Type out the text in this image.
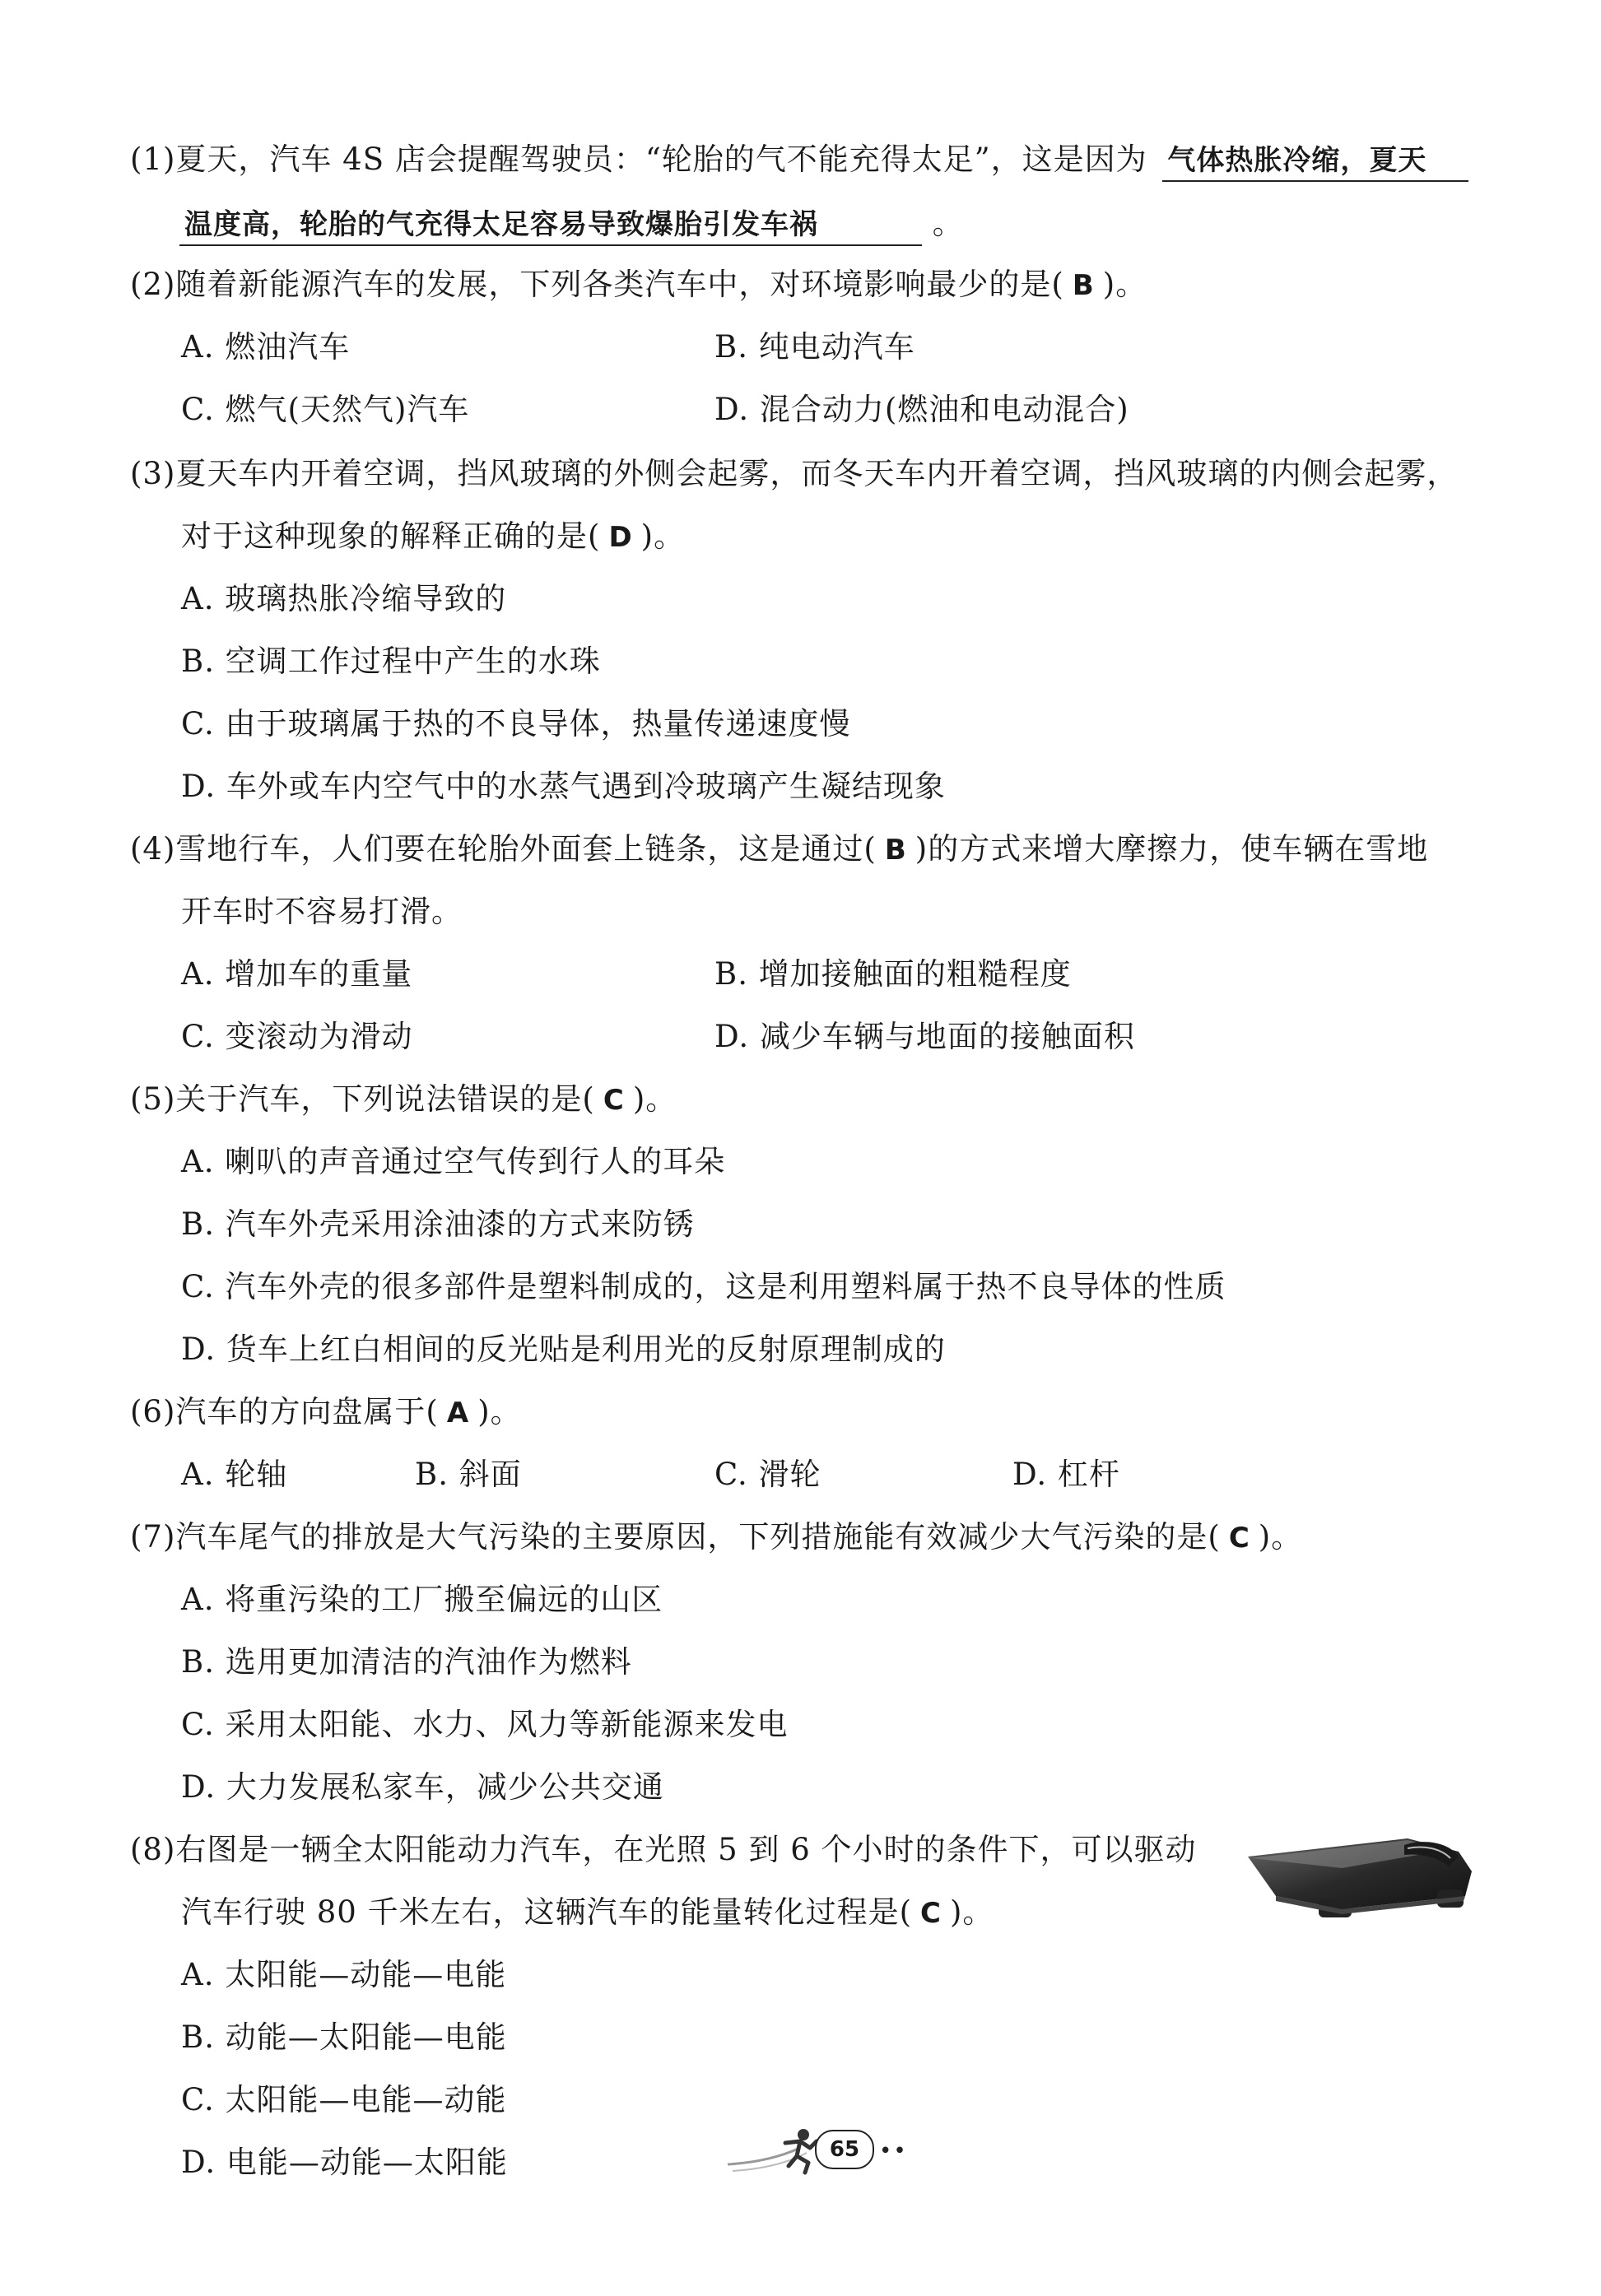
(1)夏天，汽车 4S 店会提醒驾驶员：“轮胎的气不能充得太足”，这是因为 气体热胀冷缩，夏天
温度高，轮胎的气充得太足容易导致爆胎引发车祸	。
(2)随着新能源汽车的发展，下列各类汽车中，对环境影响最少的是( B )。
A. 燃油汽车	B. 纯电动汽车
C. 燃气(天然气)汽车	D. 混合动力(燃油和电动混合)
(3)夏天车内开着空调，挡风玻璃的外侧会起雾，而冬天车内开着空调，挡风玻璃的内侧会起雾，
对于这种现象的解释正确的是( D )。
A. 玻璃热胀冷缩导致的
B. 空调工作过程中产生的水珠
C. 由于玻璃属于热的不良导体，热量传递速度慢
D. 车外或车内空气中的水蒸气遇到冷玻璃产生凝结现象
(4)雪地行车，人们要在轮胎外面套上链条，这是通过( B )的方式来增大摩擦力，使车辆在雪地
开车时不容易打滑。
A. 增加车的重量	B. 增加接触面的粗糙程度
C. 变滚动为滑动	D. 减少车辆与地面的接触面积
(5)关于汽车，下列说法错误的是( C )。
A. 喇叭的声音通过空气传到行人的耳朵
B. 汽车外壳采用涂油漆的方式来防锈
C. 汽车外壳的很多部件是塑料制成的，这是利用塑料属于热不良导体的性质
D. 货车上红白相间的反光贴是利用光的反射原理制成的
(6)汽车的方向盘属于( A )。
A. 轮轴	B. 斜面	C. 滑轮	D. 杠杆
(7)汽车尾气的排放是大气污染的主要原因，下列措施能有效减少大气污染的是( C )。
A. 将重污染的工厂搬至偏远的山区
B. 选用更加清洁的汽油作为燃料
C. 采用太阳能、水力、风力等新能源来发电
D. 大力发展私家车，减少公共交通
(8)右图是一辆全太阳能动力汽车，在光照 5 到 6 个小时的条件下，可以驱动
汽车行驶 80 千米左右，这辆汽车的能量转化过程是( C )。
A. 太阳能—动能—电能
B. 动能—太阳能—电能
C. 太阳能—电能—动能
D. 电能—动能—太阳能	65 ••
